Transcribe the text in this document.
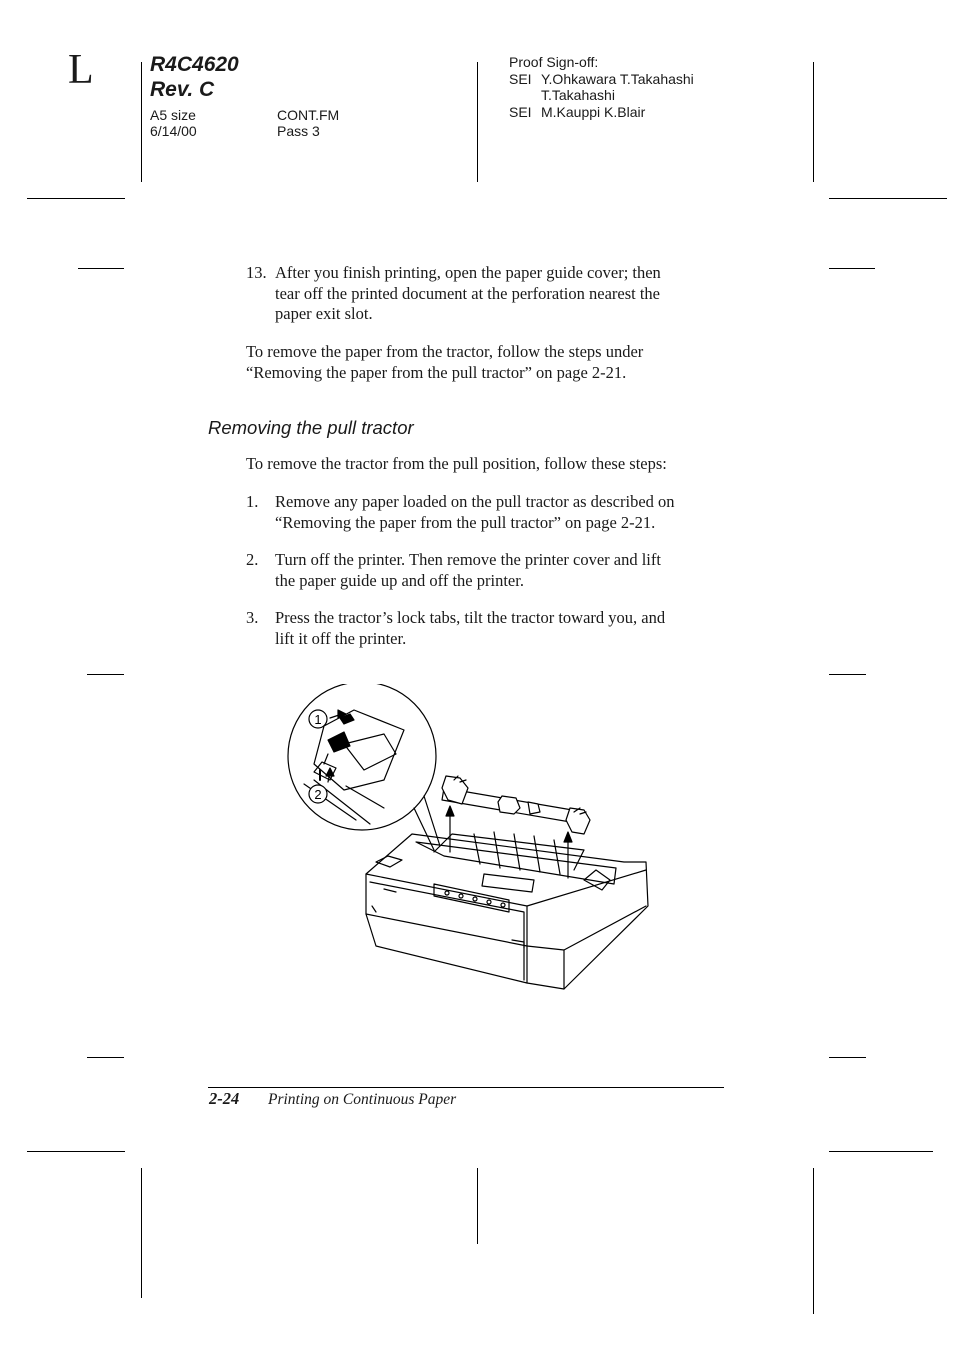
L	R4C4620
Rev. C
A5 size
6/14/00
CONT.FM
Pass 3
Proof Sign-off:
SEI Y.Ohkawara T.Takahashi
T.Takahashi
SEI M.Kauppi K.Blair
13. After you finish printing, open the paper guide cover; then
tear off the printed document at the perforation nearest the
paper exit slot.
To remove the paper from the tractor, follow the steps under
“Removing the paper from the pull tractor” on page 2-21.
Removing the pull tractor
To remove the tractor from the pull position, follow these steps:
1. Remove any paper loaded on the pull tractor as described on
“Removing the paper from the pull tractor” on page 2-21.
2. Turn off the printer. Then remove the printer cover and lift
the paper guide up and off the printer.
3. Press the tractor’s lock tabs, tilt the tractor toward you, and
lift it off the printer.
1
2
2-24 Printing on Continuous Paper
